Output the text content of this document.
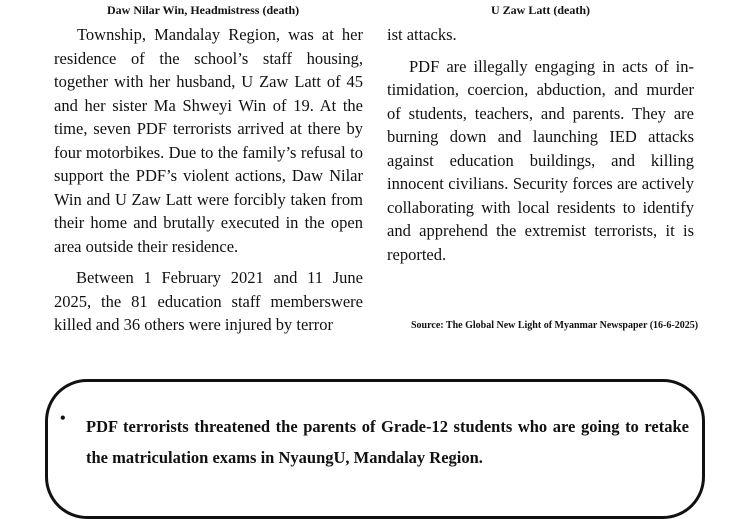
Daw Nilar Win, Headmistress (death)	U Zaw Latt (death)

Township, Mandalay Region, was at her residence of the school’s staff housing, together with her husband, U Zaw Latt of 45 and her sister Ma Shweyi Win of 19. At the time, seven PDF terrorists arrived at there by four motorbikes. Due to the family’s refusal to support the PDF’s violent actions, Daw Nilar Win and U Zaw Latt were forcibly taken from their home and brutally executed in the open area outside their residence.

Between 1 February 2021 and 11 June 2025, the 81 education staff memberswere killed and 36 others were injured by terror

ist attacks.

PDF are illegally engaging in acts of intimidation, coercion, abduction, and murder of students, teachers, and parents. They are burning down and launching IED attacks against education buildings, and killing innocent civilians. Security forces are actively collaborating with local residents to identify and apprehend the extremist terrorists, it is reported.

Source: The Global New Light of Myanmar Newspaper (16-6-2025)
• PDF terrorists threatened the parents of Grade-12 students who are going to retake the matriculation exams in NyaungU, Mandalay Region.
